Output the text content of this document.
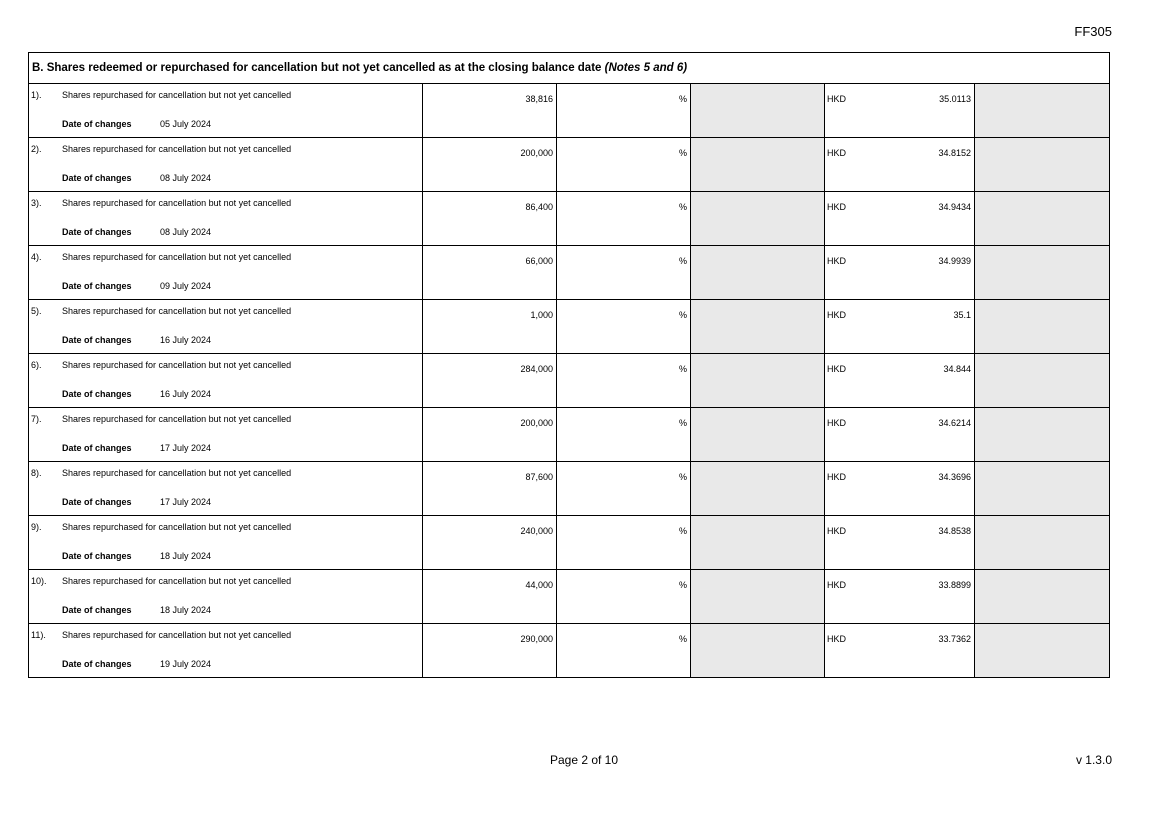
FF305
B. Shares redeemed or repurchased for cancellation but not yet cancelled as at the closing balance date (Notes 5 and 6)					

1). Shares repurchased for cancellation but not yet cancelled
Date of changes 05 July 2024	38,816	%		HKD 35.0113	

2). Shares repurchased for cancellation but not yet cancelled
Date of changes 08 July 2024	200,000	%		HKD 34.8152	

3). Shares repurchased for cancellation but not yet cancelled
Date of changes 08 July 2024	86,400	%		HKD 34.9434	

4). Shares repurchased for cancellation but not yet cancelled
Date of changes 09 July 2024	66,000	%		HKD 34.9939	

5). Shares repurchased for cancellation but not yet cancelled
Date of changes 16 July 2024	1,000	%		HKD 35.1	

6). Shares repurchased for cancellation but not yet cancelled
Date of changes 16 July 2024	284,000	%		HKD 34.844	

7). Shares repurchased for cancellation but not yet cancelled
Date of changes 17 July 2024	200,000	%		HKD 34.6214	

8). Shares repurchased for cancellation but not yet cancelled
Date of changes 17 July 2024	87,600	%		HKD 34.3696	

9). Shares repurchased for cancellation but not yet cancelled
Date of changes 18 July 2024	240,000	%		HKD 34.8538	

10). Shares repurchased for cancellation but not yet cancelled
Date of changes 18 July 2024	44,000	%		HKD 33.8899	

11). Shares repurchased for cancellation but not yet cancelled
Date of changes 19 July 2024	290,000	%		HKD 33.7362	

Page 2 of 10	v 1.3.0
